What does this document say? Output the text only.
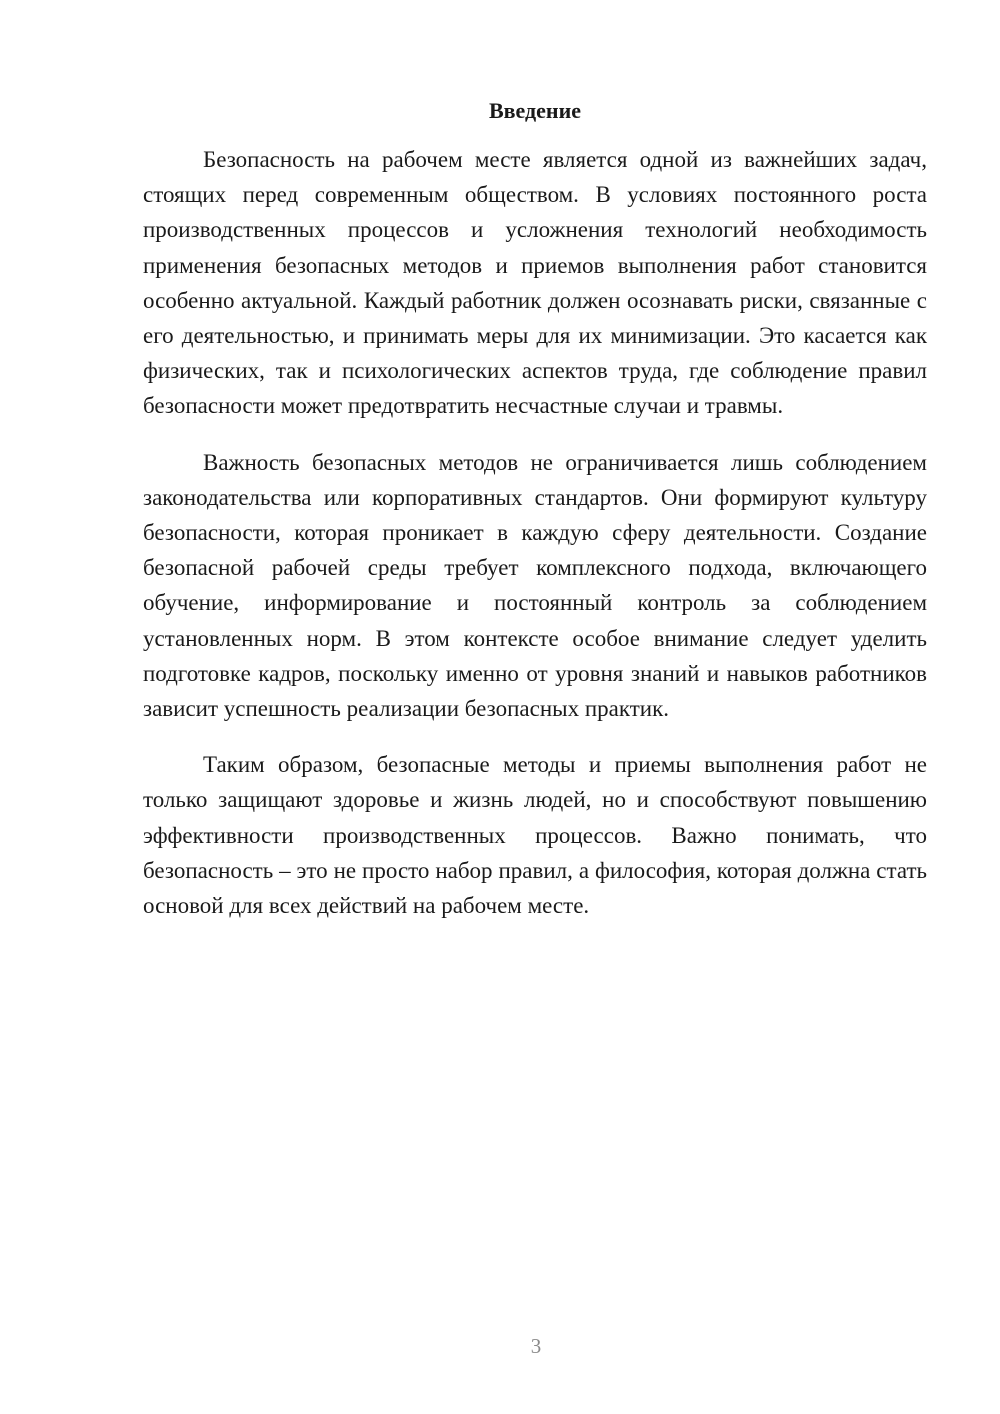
Введение

Безопасность на рабочем месте является одной из важнейших задач, стоящих перед современным обществом. В условиях постоянного роста производственных процессов и усложнения технологий необходимость применения безопасных методов и приемов выполнения работ становится особенно актуальной. Каждый работник должен осознавать риски, связанные с его деятельностью, и принимать меры для их минимизации. Это касается как физических, так и психологических аспектов труда, где соблюдение правил безопасности может предотвратить несчастные случаи и травмы.

Важность безопасных методов не ограничивается лишь соблюдением законодательства или корпоративных стандартов. Они формируют культуру безопасности, которая проникает в каждую сферу деятельности. Создание безопасной рабочей среды требует комплексного подхода, включающего обучение, информирование и постоянный контроль за соблюдением установленных норм. В этом контексте особое внимание следует уделить подготовке кадров, поскольку именно от уровня знаний и навыков работников зависит успешность реализации безопасных практик.

Таким образом, безопасные методы и приемы выполнения работ не только защищают здоровье и жизнь людей, но и способствуют повышению эффективности производственных процессов. Важно понимать, что безопасность – это не просто набор правил, а философия, которая должна стать основой для всех действий на рабочем месте.

3
